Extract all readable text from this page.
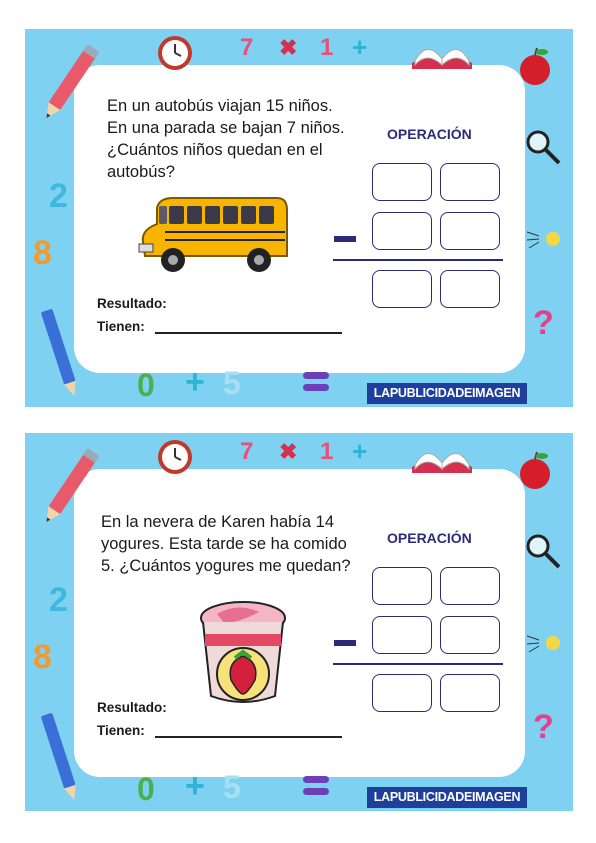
7 ✖ 1 +
?
2
8
0 + 5
En un autobús viajan 15 niños. En una parada se bajan 7 niños. ¿Cuántos niños quedan en el autobús?
OPERACIÓN
Resultado:
Tienen:
LAPUBLICIDADEIMAGEN
7 ✖ 1 +
?
2
8
0 + 5
En la nevera de Karen había 14 yogures. Esta tarde se ha comido 5. ¿Cuántos yogures me quedan?
OPERACIÓN
Resultado:
Tienen:
LAPUBLICIDADEIMAGEN
